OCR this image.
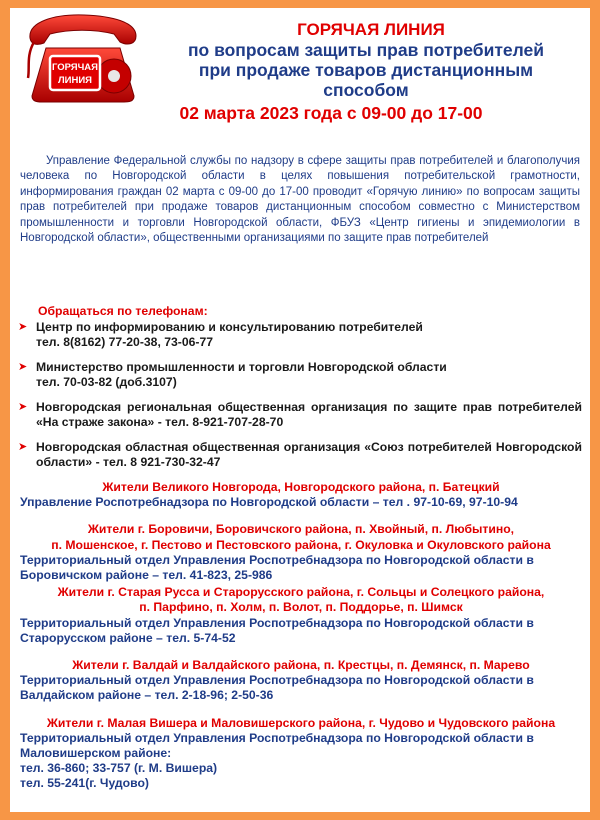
ГОРЯЧАЯ
ЛИНИЯ
ГОРЯЧАЯ ЛИНИЯ
по вопросам защиты прав потребителей
при продаже товаров дистанционным
способом
02 марта 2023 года с 09-00 до 17-00

Управление Федеральной службы по надзору в сфере защиты прав потребителей и благополучия человека по Новгородской области в целях повышения потребительской грамотности, информирования граждан 02 марта с 09-00 до 17-00 проводит «Горячую линию» по вопросам защиты прав потребителей при продаже товаров дистанционным способом совместно с Министерством промышленности и торговли Новгородской области, ФБУЗ «Центр гигиены и эпидемиологии в Новгородской области», общественными организациями по защите прав потребителей

Обращаться по телефонам:
➤ Центр по информированию и консультированию потребителей
тел. 8(8162) 77-20-38, 73-06-77
➤ Министерство промышленности и торговли Новгородской области
тел. 70-03-82 (доб.3107)
➤ Новгородская региональная общественная организация по защите прав потребителей «На страже закона» - тел. 8-921-707-28-70
➤ Новгородская областная общественная организация «Союз потребителей Новгородской области» - тел. 8 921-730-32-47
Жители Великого Новгорода, Новгородского района, п. Батецкий
Управление Роспотребнадзора по Новгородской области – тел . 97-10-69, 97-10-94
Жители г. Боровичи, Боровичского района, п. Хвойный, п. Любытино,
п. Мошенское, г. Пестово и Пестовского района, г. Окуловка и Окуловского района
Территориальный отдел Управления Роспотребнадзора по Новгородской области в Боровичском районе – тел. 41-823, 25-986
Жители г. Старая Русса и Старорусского района, г. Сольцы и Солецкого района,
п. Парфино, п. Холм, п. Волот, п. Поддорье, п. Шимск
Территориальный отдел Управления Роспотребнадзора по Новгородской области в Старорусском районе – тел. 5-74-52
Жители г. Валдай и Валдайского района, п. Крестцы, п. Демянск, п. Марево
Территориальный отдел Управления Роспотребнадзора по Новгородской области в Валдайском районе – тел. 2-18-96; 2-50-36
Жители г. Малая Вишера и Маловишерского района, г. Чудово и Чудовского района
Территориальный отдел Управления Роспотребнадзора по Новгородской области в Маловишерском районе:
тел. 36-860; 33-757 (г. М. Вишера)
тел. 55-241(г. Чудово)
